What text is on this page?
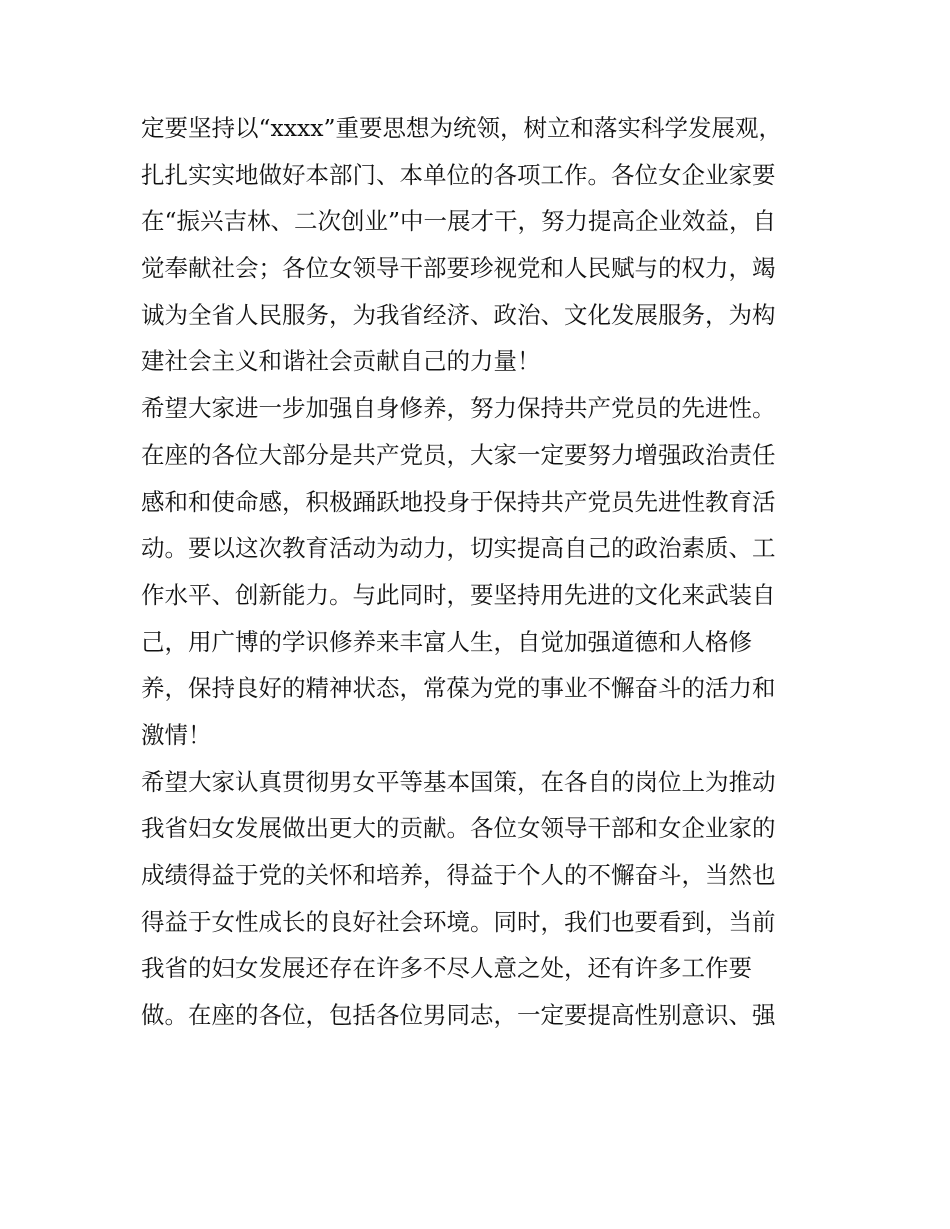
定要坚持以“xxxx”重要思想为统领，树立和落实科学发展观，
扎扎实实地做好本部门、本单位的各项工作。各位女企业家要
在“振兴吉林、二次创业”中一展才干，努力提高企业效益，自
觉奉献社会；各位女领导干部要珍视党和人民赋与的权力，竭
诚为全省人民服务，为我省经济、政治、文化发展服务，为构
建社会主义和谐社会贡献自己的力量！
希望大家进一步加强自身修养，努力保持共产党员的先进性。
在座的各位大部分是共产党员，大家一定要努力增强政治责任
感和和使命感，积极踊跃地投身于保持共产党员先进性教育活
动。要以这次教育活动为动力，切实提高自己的政治素质、工
作水平、创新能力。与此同时，要坚持用先进的文化来武装自
己，用广博的学识修养来丰富人生，自觉加强道德和人格修
养，保持良好的精神状态，常葆为党的事业不懈奋斗的活力和
激情！
希望大家认真贯彻男女平等基本国策，在各自的岗位上为推动
我省妇女发展做出更大的贡献。各位女领导干部和女企业家的
成绩得益于党的关怀和培养，得益于个人的不懈奋斗，当然也
得益于女性成长的良好社会环境。同时，我们也要看到，当前
我省的妇女发展还存在许多不尽人意之处，还有许多工作要
做。在座的各位，包括各位男同志，一定要提高性别意识、强
